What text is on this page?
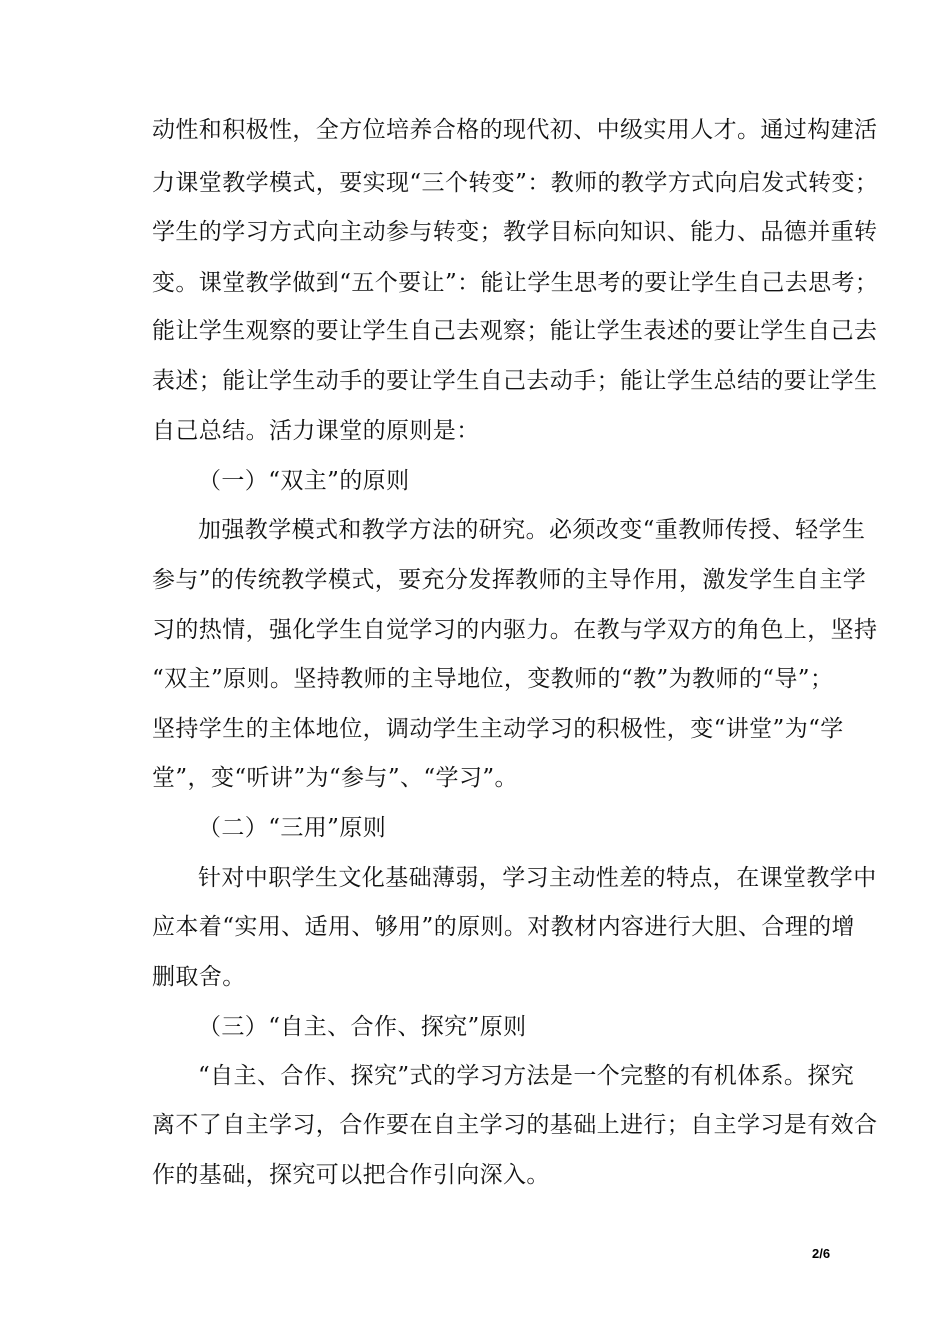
动性和积极性，全方位培养合格的现代初、中级实用人才。通过构建活
力课堂教学模式，要实现“三个转变”：教师的教学方式向启发式转变；
学生的学习方式向主动参与转变；教学目标向知识、能力、品德并重转
变。课堂教学做到“五个要让”：能让学生思考的要让学生自己去思考；
能让学生观察的要让学生自己去观察；能让学生表述的要让学生自己去
表述；能让学生动手的要让学生自己去动手；能让学生总结的要让学生
自己总结。活力课堂的原则是：
（一）“双主”的原则
加强教学模式和教学方法的研究。必须改变“重教师传授、轻学生
参与”的传统教学模式，要充分发挥教师的主导作用，激发学生自主学
习的热情，强化学生自觉学习的内驱力。在教与学双方的角色上，坚持
“双主”原则。坚持教师的主导地位，变教师的“教”为教师的“导”；
坚持学生的主体地位，调动学生主动学习的积极性，变“讲堂”为“学
堂”，变“听讲”为“参与”、“学习”。
（二）“三用”原则
针对中职学生文化基础薄弱，学习主动性差的特点，在课堂教学中
应本着“实用、适用、够用”的原则。对教材内容进行大胆、合理的增
删取舍。
（三）“自主、合作、探究”原则
“自主、合作、探究”式的学习方法是一个完整的有机体系。探究
离不了自主学习，合作要在自主学习的基础上进行；自主学习是有效合
作的基础，探究可以把合作引向深入。
2/6
